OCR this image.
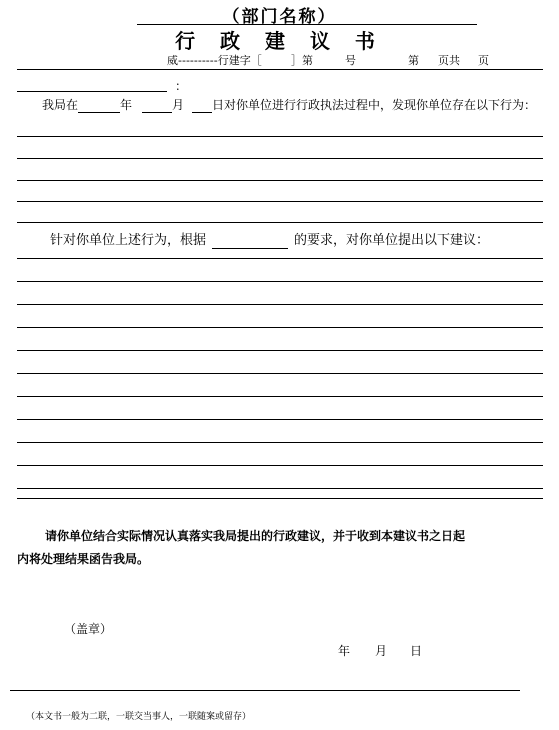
（部门名称）
行 政 建 议 书
威----------行建字［	］第	号	第 页共 页
：
我局在	年	月 日对你单位进行行政执法过程中，发现你单位存在以下行为：
针对你单位上述行为，根据	的要求，对你单位提出以下建议：
请你单位结合实际情况认真落实我局提出的行政建议，并于收到本建议书之日起
内将处理结果函告我局。
（盖章）
年 月 日
（本文书一般为二联，一联交当事人，一联随案或留存）
